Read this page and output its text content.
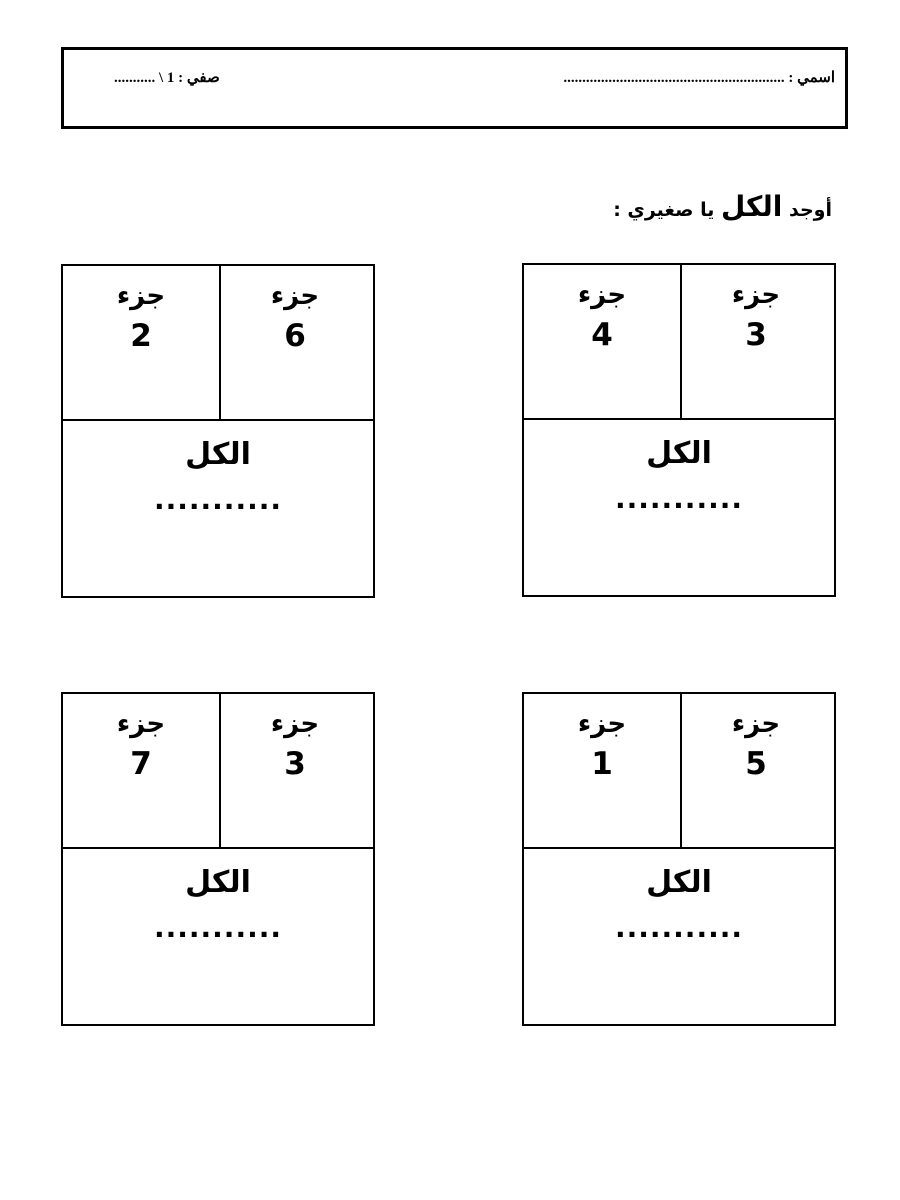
اسمي : ...........................................................
صفي : 1 \ ...........
أوجد الكل يا صغيري :
جزء
3
جزء
4
الكل
...........
جزء
6
جزء
2
الكل
...........
جزء
5
جزء
1
الكل
...........
جزء
3
جزء
7
الكل
...........
